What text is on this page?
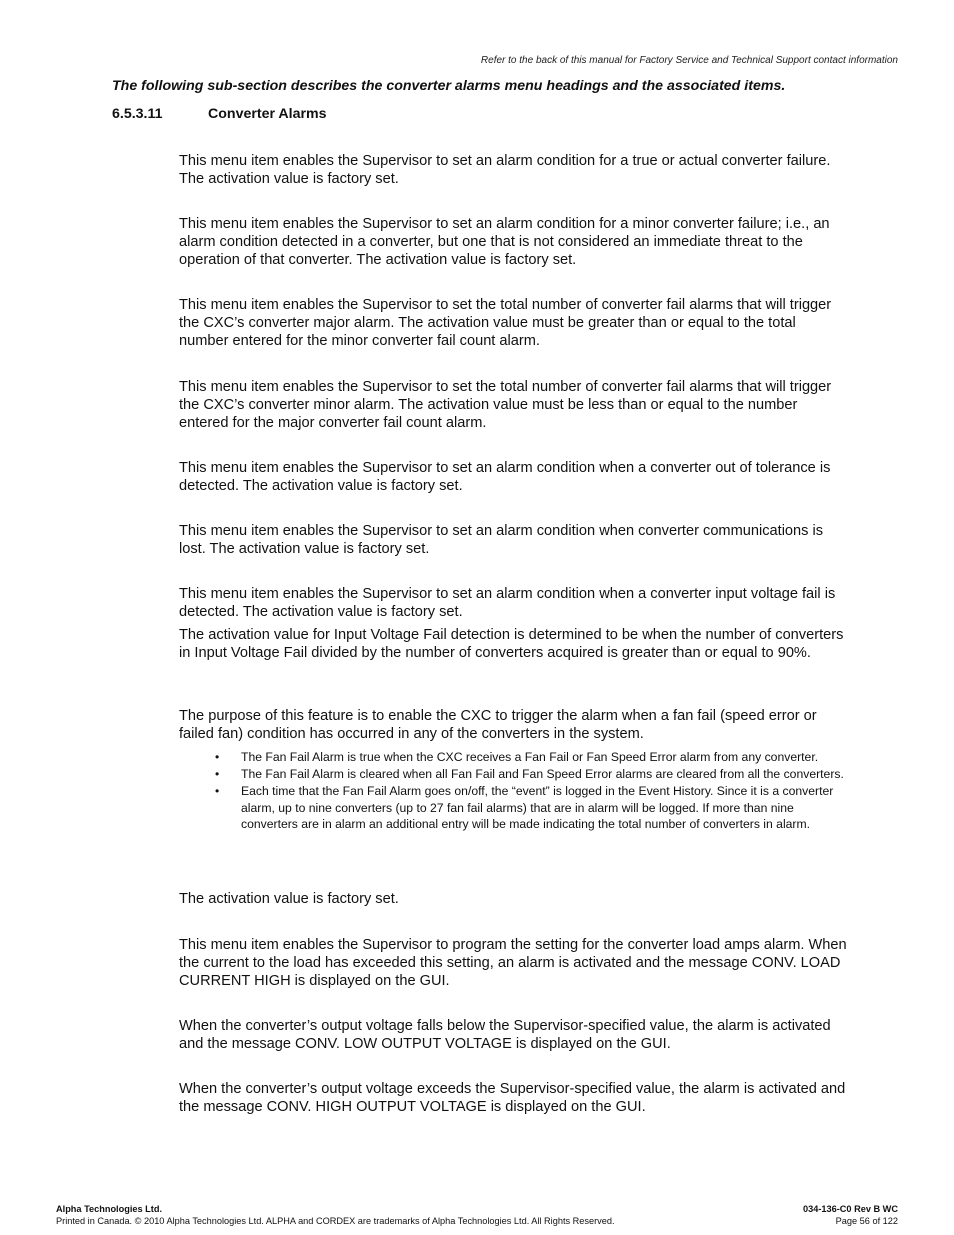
Refer to the back of this manual for Factory Service and Technical Support contact information
The following sub-section describes the converter alarms menu headings and the associated items.
6.5.3.11	Converter Alarms
This menu item enables the Supervisor to set an alarm condition for a true or actual converter failure. The activation value is factory set.
This menu item enables the Supervisor to set an alarm condition for a minor converter failure; i.e., an alarm condition detected in a converter, but one that is not considered an immediate threat to the operation of that converter. The activation value is factory set.
This menu item enables the Supervisor to set the total number of converter fail alarms that will trigger the CXC’s converter major alarm. The activation value must be greater than or equal to the total number entered for the minor converter fail count alarm.
This menu item enables the Supervisor to set the total number of converter fail alarms that will trigger the CXC’s converter minor alarm. The activation value must be less than or equal to the number entered for the major converter fail count alarm.
This menu item enables the Supervisor to set an alarm condition when a converter out of tolerance is detected. The activation value is factory set.
This menu item enables the Supervisor to set an alarm condition when converter communications is lost. The activation value is factory set.
This menu item enables the Supervisor to set an alarm condition when a converter input voltage fail is detected. The activation value is factory set.
The activation value for Input Voltage Fail detection is determined to be when the number of converters in Input Voltage Fail divided by the number of converters acquired is greater than or equal to 90%.
The purpose of this feature is to enable the CXC to trigger the alarm when a fan fail (speed error or failed fan) condition has occurred in any of the converters in the system.
• The Fan Fail Alarm is true when the CXC receives a Fan Fail or Fan Speed Error alarm from any converter.
• The Fan Fail Alarm is cleared when all Fan Fail and Fan Speed Error alarms are cleared from all the converters.
• Each time that the Fan Fail Alarm goes on/off, the “event” is logged in the Event History. Since it is a converter alarm, up to nine converters (up to 27 fan fail alarms) that are in alarm will be logged. If more than nine converters are in alarm an additional entry will be made indicating the total number of converters in alarm.
The activation value is factory set.
This menu item enables the Supervisor to program the setting for the converter load amps alarm. When the current to the load has exceeded this setting, an alarm is activated and the message CONV. LOAD CURRENT HIGH is displayed on the GUI.
When the converter’s output voltage falls below the Supervisor-specified value, the alarm is activated and the message CONV. LOW OUTPUT VOLTAGE is displayed on the GUI.
When the converter’s output voltage exceeds the Supervisor-specified value, the alarm is activated and the message CONV. HIGH OUTPUT VOLTAGE is displayed on the GUI.
Alpha Technologies Ltd.
Printed in Canada. © 2010 Alpha Technologies Ltd. ALPHA and CORDEX are trademarks of Alpha Technologies Ltd. All Rights Reserved.
034-136-C0 Rev B WC
Page 56 of 122
